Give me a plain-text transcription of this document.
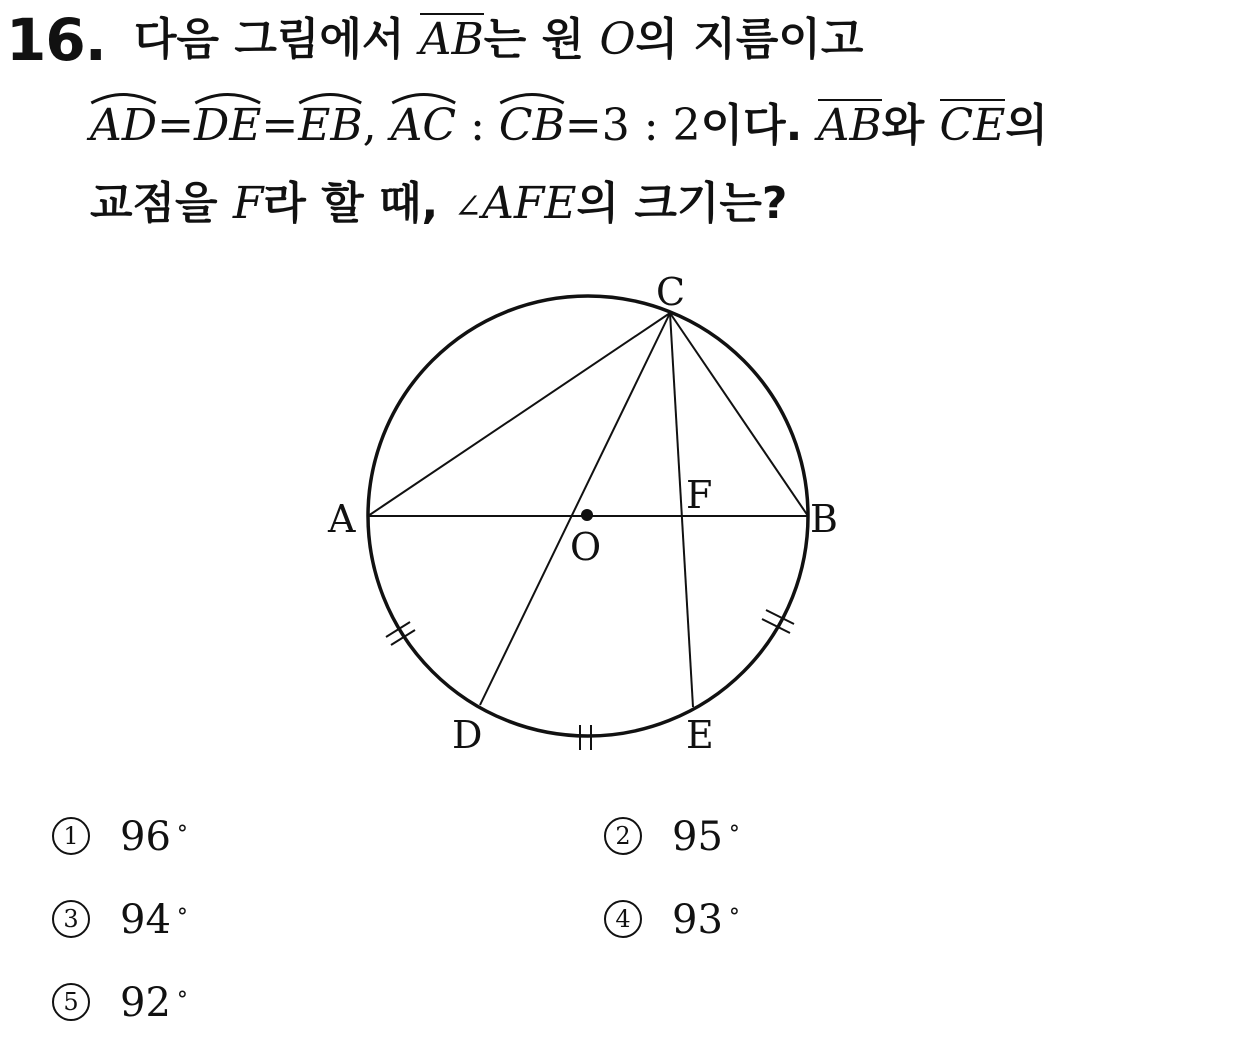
16. 다음 그림에서 AB는 원 O의 지름이고
AD=
DE=
EB,
AC :
CB=3 : 2이다. AB와 CE의
교점을 F라 할 때, ∠AFE의 크기는?
C
A	B
F
O
D	E
1 96 °	2 95 °
3 94 °	4 93 °
5 92 °
